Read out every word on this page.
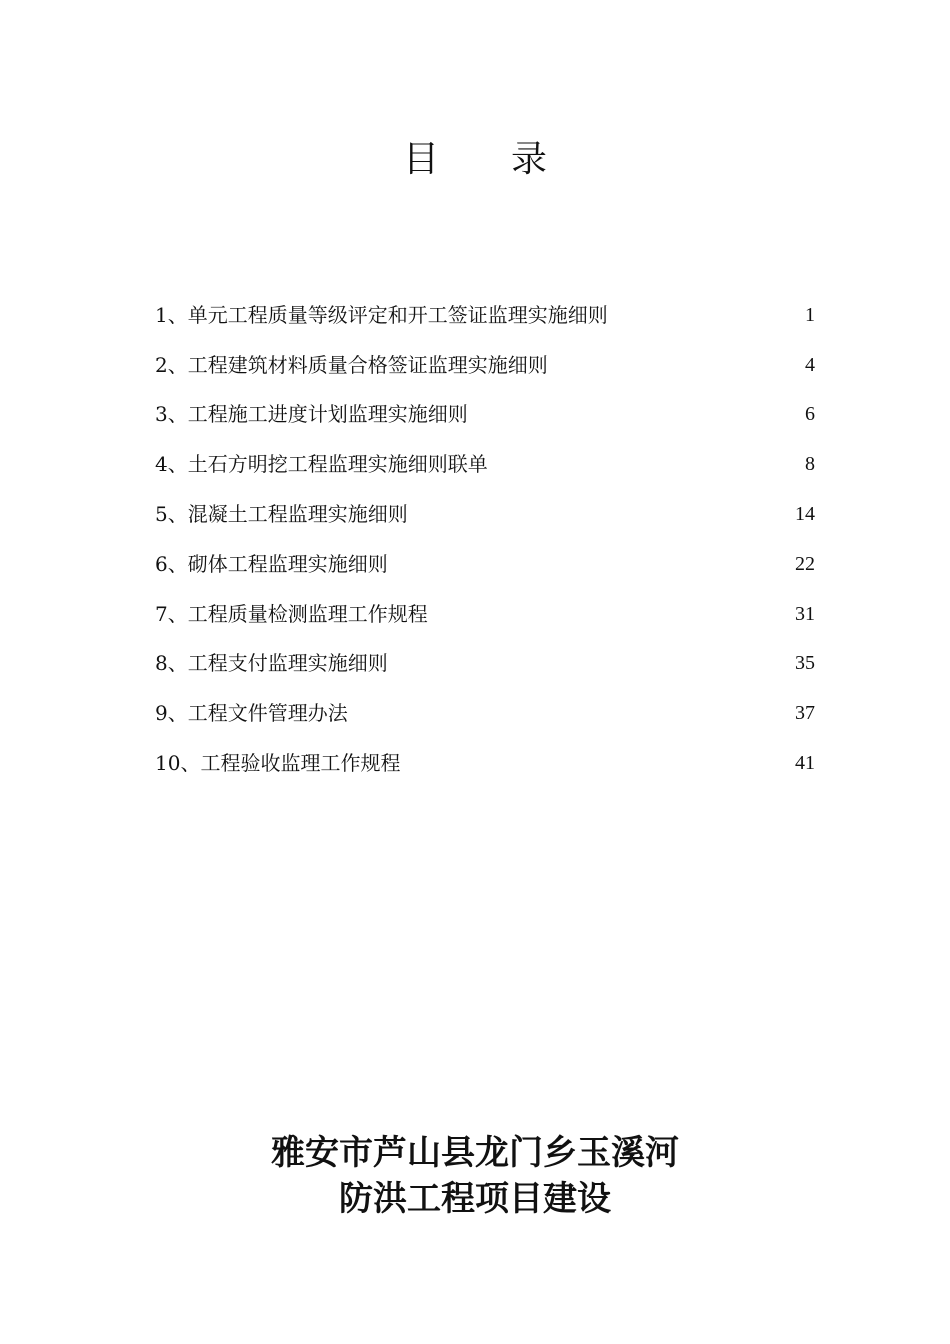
目　　录
1、单元工程质量等级评定和开工签证监理实施细则	1
2、工程建筑材料质量合格签证监理实施细则	4
3、工程施工进度计划监理实施细则	6
4、土石方明挖工程监理实施细则联单	8
5、混凝土工程监理实施细则	14
6、砌体工程监理实施细则	22
7、工程质量检测监理工作规程	31
8、工程支付监理实施细则	35
9、工程文件管理办法	37
10、工程验收监理工作规程	41
雅安市芦山县龙门乡玉溪河
防洪工程项目建设
